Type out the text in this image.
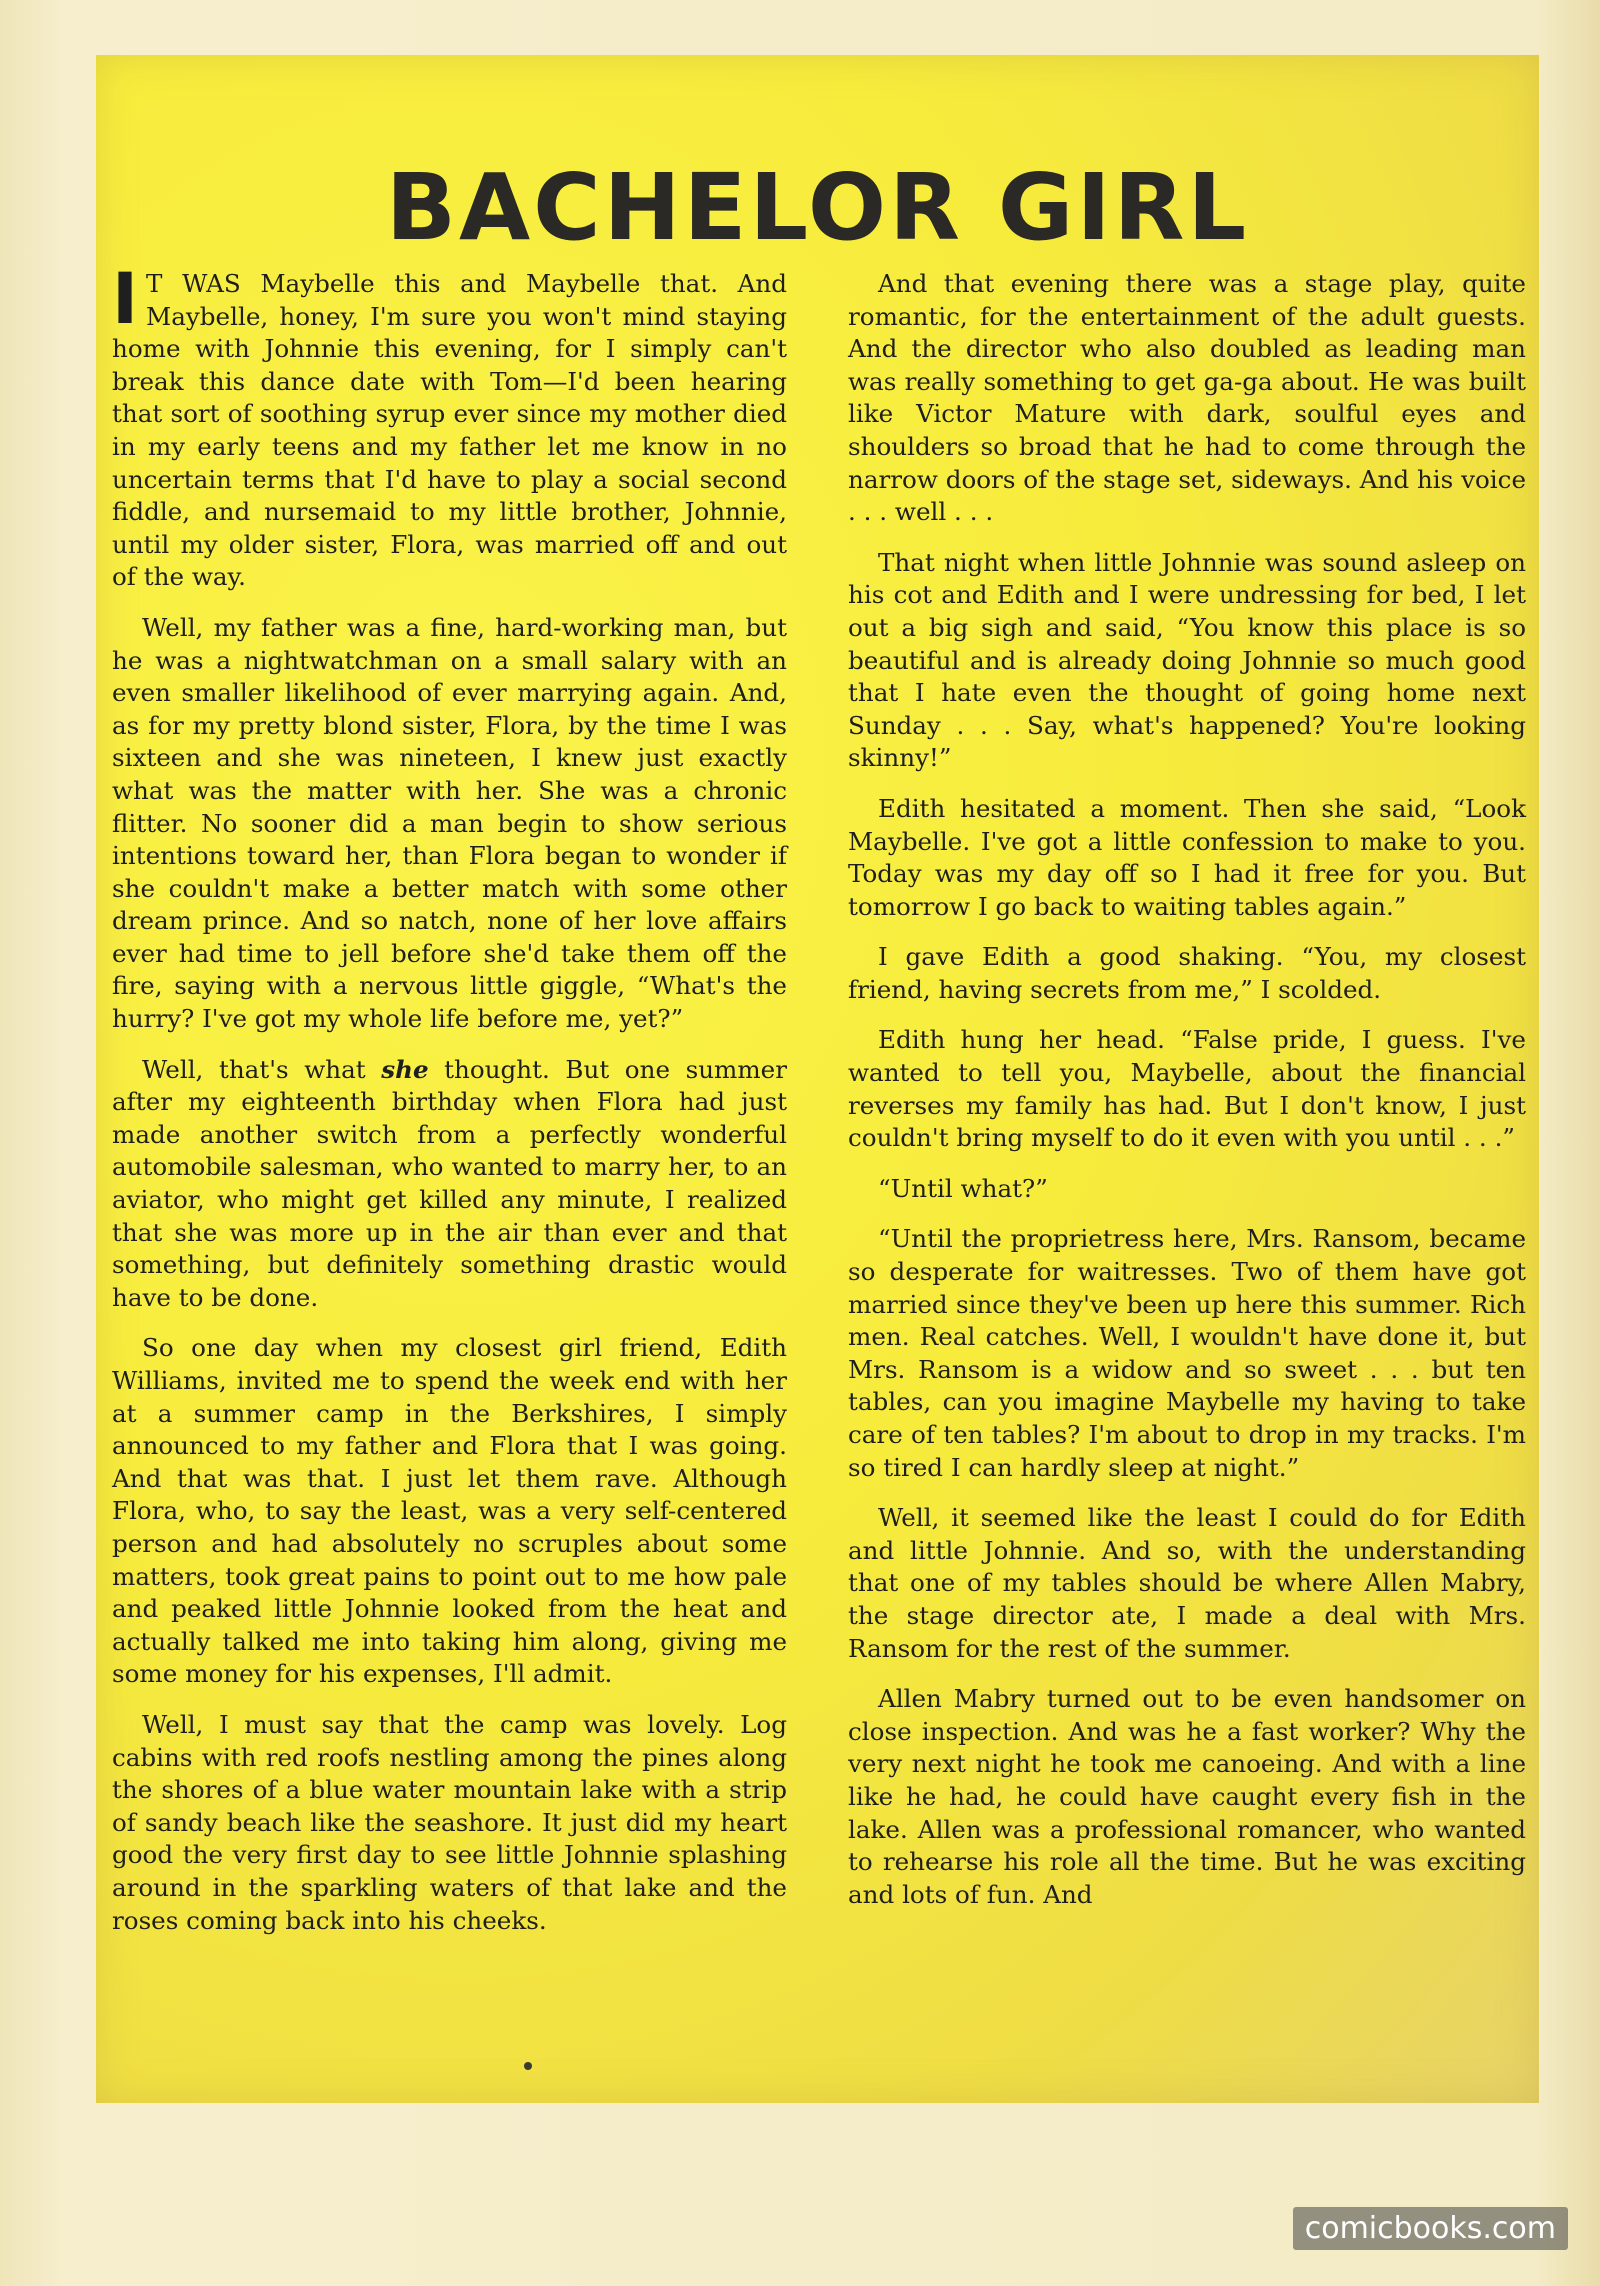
BACHELOR GIRL

I T WAS Maybelle this and Maybelle that. And Maybelle, honey, I'm sure you won't mind staying home with Johnnie this evening, for I simply can't break this dance date with Tom—I'd been hearing that sort of soothing syrup ever since my mother died in my early teens and my father let me know in no uncertain terms that I'd have to play a social second fiddle, and nursemaid to my little brother, Johnnie, until my older sister, Flora, was married off and out of the way.

Well, my father was a fine, hard-working man, but he was a nightwatchman on a small salary with an even smaller likelihood of ever marrying again. And, as for my pretty blond sister, Flora, by the time I was sixteen and she was nineteen, I knew just exactly what was the matter with her. She was a chronic flitter. No sooner did a man begin to show serious intentions toward her, than Flora began to wonder if she couldn't make a better match with some other dream prince. And so natch, none of her love affairs ever had time to jell before she'd take them off the fire, saying with a nervous little giggle, “What's the hurry? I've got my whole life before me, yet?”

Well, that's what she thought. But one summer after my eighteenth birthday when Flora had just made another switch from a perfectly wonderful automobile salesman, who wanted to marry her, to an aviator, who might get killed any minute, I realized that she was more up in the air than ever and that something, but definitely something drastic would have to be done.

So one day when my closest girl friend, Edith Williams, invited me to spend the week end with her at a summer camp in the Berkshires, I simply announced to my father and Flora that I was going. And that was that. I just let them rave. Although Flora, who, to say the least, was a very self-centered person and had absolutely no scruples about some matters, took great pains to point out to me how pale and peaked little Johnnie looked from the heat and actually talked me into taking him along, giving me some money for his expenses, I'll admit.

Well, I must say that the camp was lovely. Log cabins with red roofs nestling among the pines along the shores of a blue water mountain lake with a strip of sandy beach like the seashore. It just did my heart good the very first day to see little Johnnie splashing around in the sparkling waters of that lake and the roses coming back into his cheeks.

And that evening there was a stage play, quite romantic, for the entertainment of the adult guests. And the director who also doubled as leading man was really something to get ga-ga about. He was built like Victor Mature with dark, soulful eyes and shoulders so broad that he had to come through the narrow doors of the stage set, sideways. And his voice . . . well . . .

That night when little Johnnie was sound asleep on his cot and Edith and I were undressing for bed, I let out a big sigh and said, “You know this place is so beautiful and is already doing Johnnie so much good that I hate even the thought of going home next Sunday . . . Say, what's happened? You're looking skinny!”

Edith hesitated a moment. Then she said, “Look Maybelle. I've got a little confession to make to you. Today was my day off so I had it free for you. But tomorrow I go back to waiting tables again.”

I gave Edith a good shaking. “You, my closest friend, having secrets from me,” I scolded.

Edith hung her head. “False pride, I guess. I've wanted to tell you, Maybelle, about the financial reverses my family has had. But I don't know, I just couldn't bring myself to do it even with you until . . .”

“Until what?”

“Until the proprietress here, Mrs. Ransom, became so desperate for waitresses. Two of them have got married since they've been up here this summer. Rich men. Real catches. Well, I wouldn't have done it, but Mrs. Ransom is a widow and so sweet . . . but ten tables, can you imagine Maybelle my having to take care of ten tables? I'm about to drop in my tracks. I'm so tired I can hardly sleep at night.”

Well, it seemed like the least I could do for Edith and little Johnnie. And so, with the understanding that one of my tables should be where Allen Mabry, the stage director ate, I made a deal with Mrs. Ransom for the rest of the summer.

Allen Mabry turned out to be even handsomer on close inspection. And was he a fast worker? Why the very next night he took me canoeing. And with a line like he had, he could have caught every fish in the lake. Allen was a professional romancer, who wanted to rehearse his role all the time. But he was exciting and lots of fun. And

comicbooks.com
